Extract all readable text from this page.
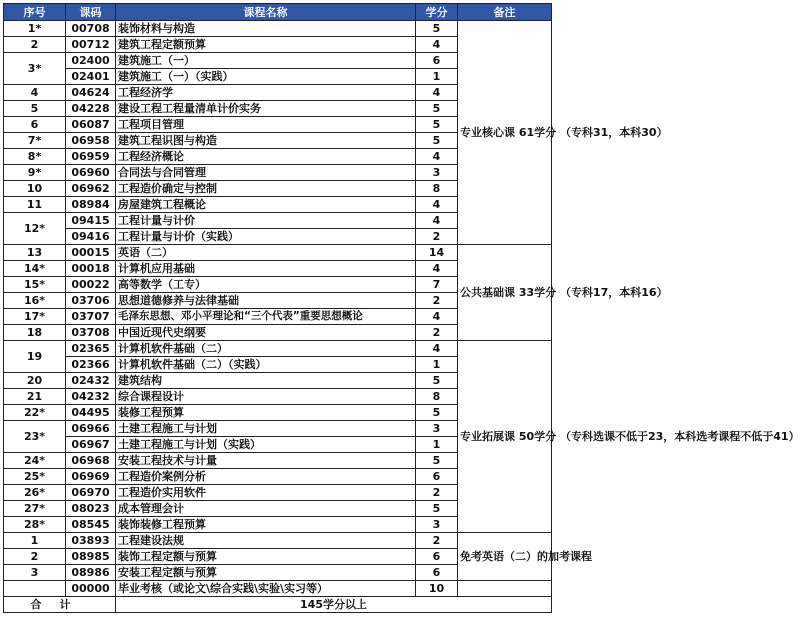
序号	课码	课程名称	学分	备注
1*	00708	装饰材料与构造	5	专业核心课 61学分 （专科31，本科30）
2	00712	建筑工程定额预算	4	
3*	02400	建筑施工（一）	6	
	02401	建筑施工（一）（实践）	1	
4	04624	工程经济学	4	
5	04228	建设工程工程量清单计价实务	5	
6	06087	工程项目管理	5	
7*	06958	建筑工程识图与构造	5	
8*	06959	工程经济概论	4	
9*	06960	合同法与合同管理	3	
10	06962	工程造价确定与控制	8	
11	08984	房屋建筑工程概论	4	
12*	09415	工程计量与计价	4	
	09416	工程计量与计价（实践）	2	
13	00015	英语（二）	14	公共基础课 33学分 （专科17，本科16）
14*	00018	计算机应用基础	4	
15*	00022	高等数学（工专）	7	
16*	03706	思想道德修养与法律基础	2	
17*	03707	毛泽东思想、邓小平理论和“三个代表”重要思想概论	4	
18	03708	中国近现代史纲要	2	
19	02365	计算机软件基础（二）	4	专业拓展课 50学分 （专科选课不低于23，本科选考课程不低于41）
	02366	计算机软件基础（二）（实践）	1	
20	02432	建筑结构	5	
21	04232	综合课程设计	8	
22*	04495	装修工程预算	5	
23*	06966	土建工程施工与计划	3	
	06967	土建工程施工与计划（实践）	1	
24*	06968	安装工程技术与计量	5	
25*	06969	工程造价案例分析	6	
26*	06970	工程造价实用软件	2	
27*	08023	成本管理会计	5	
28*	08545	装饰装修工程预算	3	
1	03893	工程建设法规	2	免考英语（二）的加考课程
2	08985	装饰工程定额与预算	6	
3	08986	安装工程定额与预算	6	
	00000	毕业考核（或论文\综合实践\实验\实习等）	10	
合计		145学分以上		
